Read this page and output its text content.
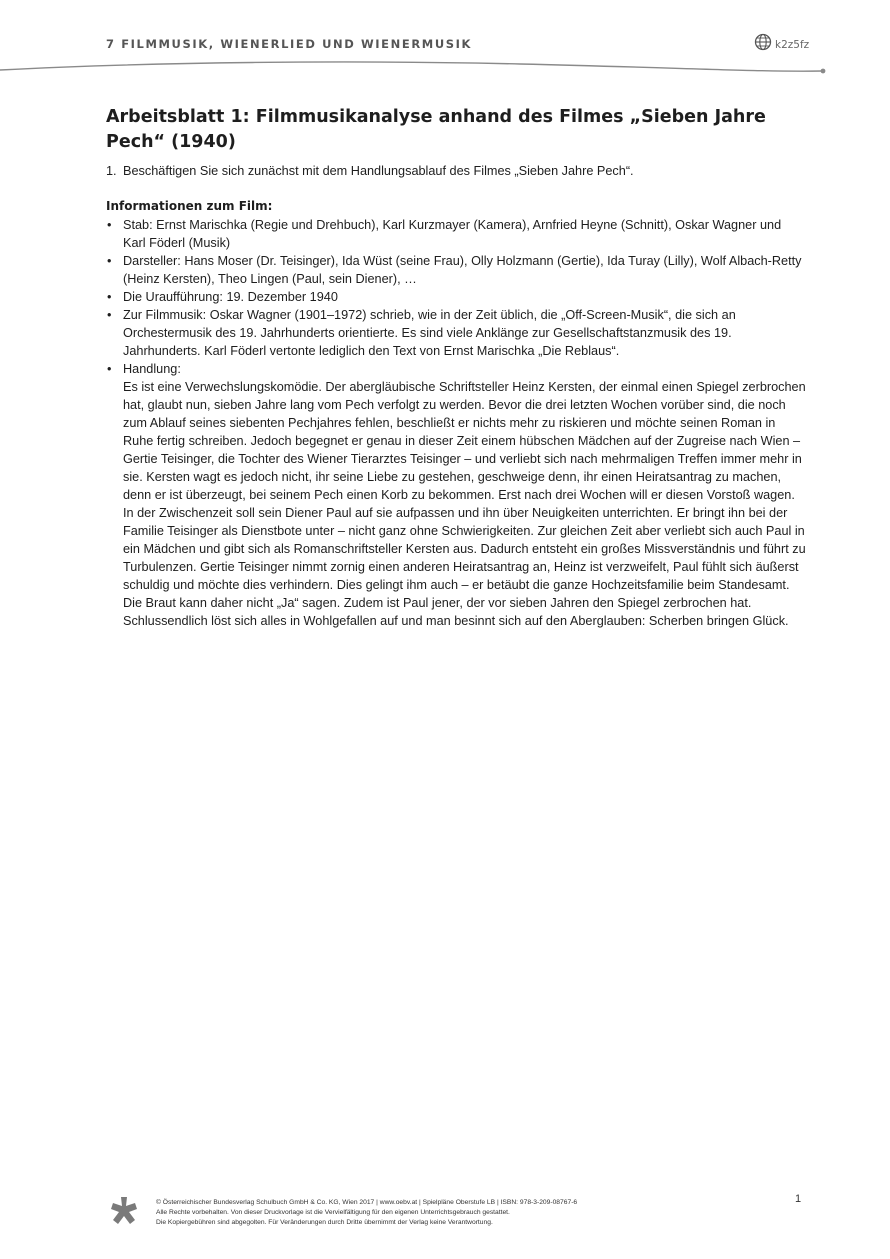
7 FILMMUSIK, WIENERLIED UND WIENERMUSIK	k2z5fz
Arbeitsblatt 1: Filmmusikanalyse anhand des Filmes „Sieben Jahre Pech“ (1940)
1. Beschäftigen Sie sich zunächst mit dem Handlungsablauf des Filmes „Sieben Jahre Pech“.
Informationen zum Film:
• Stab: Ernst Marischka (Regie und Drehbuch), Karl Kurzmayer (Kamera), Arnfried Heyne (Schnitt), Oskar Wagner und Karl Föderl (Musik)
• Darsteller: Hans Moser (Dr. Teisinger), Ida Wüst (seine Frau), Olly Holzmann (Gertie), Ida Turay (Lilly), Wolf Albach-Retty (Heinz Kersten), Theo Lingen (Paul, sein Diener), …
• Die Uraufführung: 19. Dezember 1940
• Zur Filmmusik: Oskar Wagner (1901–1972) schrieb, wie in der Zeit üblich, die „Off-Screen-Musik“, die sich an Orchestermusik des 19. Jahrhunderts orientierte. Es sind viele Anklänge zur Gesellschaftstanzmusik des 19. Jahrhunderts. Karl Föderl vertonte lediglich den Text von Ernst Marischka „Die Reblaus“.
• Handlung:
Es ist eine Verwechslungskomödie. Der abergläubische Schriftsteller Heinz Kersten, der einmal einen Spiegel zerbrochen hat, glaubt nun, sieben Jahre lang vom Pech verfolgt zu werden. Bevor die drei letzten Wochen vorüber sind, die noch zum Ablauf seines siebenten Pechjahres fehlen, beschließt er nichts mehr zu riskieren und möchte seinen Roman in Ruhe fertig schreiben. Jedoch begegnet er genau in dieser Zeit einem hübschen Mädchen auf der Zugreise nach Wien – Gertie Teisinger, die Tochter des Wiener Tierarztes Teisinger – und verliebt sich nach mehrmaligen Treffen immer mehr in sie. Kersten wagt es jedoch nicht, ihr seine Liebe zu gestehen, geschweige denn, ihr einen Heiratsantrag zu machen, denn er ist überzeugt, bei seinem Pech einen Korb zu bekommen. Erst nach drei Wochen will er diesen Vorstoß wagen. In der Zwischenzeit soll sein Diener Paul auf sie aufpassen und ihn über Neuigkeiten unterrichten. Er bringt ihn bei der Familie Teisinger als Dienstbote unter – nicht ganz ohne Schwierigkeiten. Zur gleichen Zeit aber verliebt sich auch Paul in ein Mädchen und gibt sich als Romanschriftsteller Kersten aus. Dadurch entsteht ein großes Missverständnis und führt zu Turbulenzen. Gertie Teisinger nimmt zornig einen anderen Heiratsantrag an, Heinz ist verzweifelt, Paul fühlt sich äußerst schuldig und möchte dies verhindern. Dies gelingt ihm auch – er betäubt die ganze Hochzeitsfamilie beim Standesamt. Die Braut kann daher nicht „Ja“ sagen. Zudem ist Paul jener, der vor sieben Jahren den Spiegel zerbrochen hat. Schlussendlich löst sich alles in Wohlgefallen auf und man besinnt sich auf den Aberglauben: Scherben bringen Glück.
© Österreichischer Bundesverlag Schulbuch GmbH & Co. KG, Wien 2017 | www.oebv.at | Spielpläne Oberstufe LB | ISBN: 978-3-209-08767-6
Alle Rechte vorbehalten. Von dieser Druckvorlage ist die Vervielfältigung für den eigenen Unterrichtsgebrauch gestattet.
Die Kopiergebühren sind abgegolten. Für Veränderungen durch Dritte übernimmt der Verlag keine Verantwortung.
1
